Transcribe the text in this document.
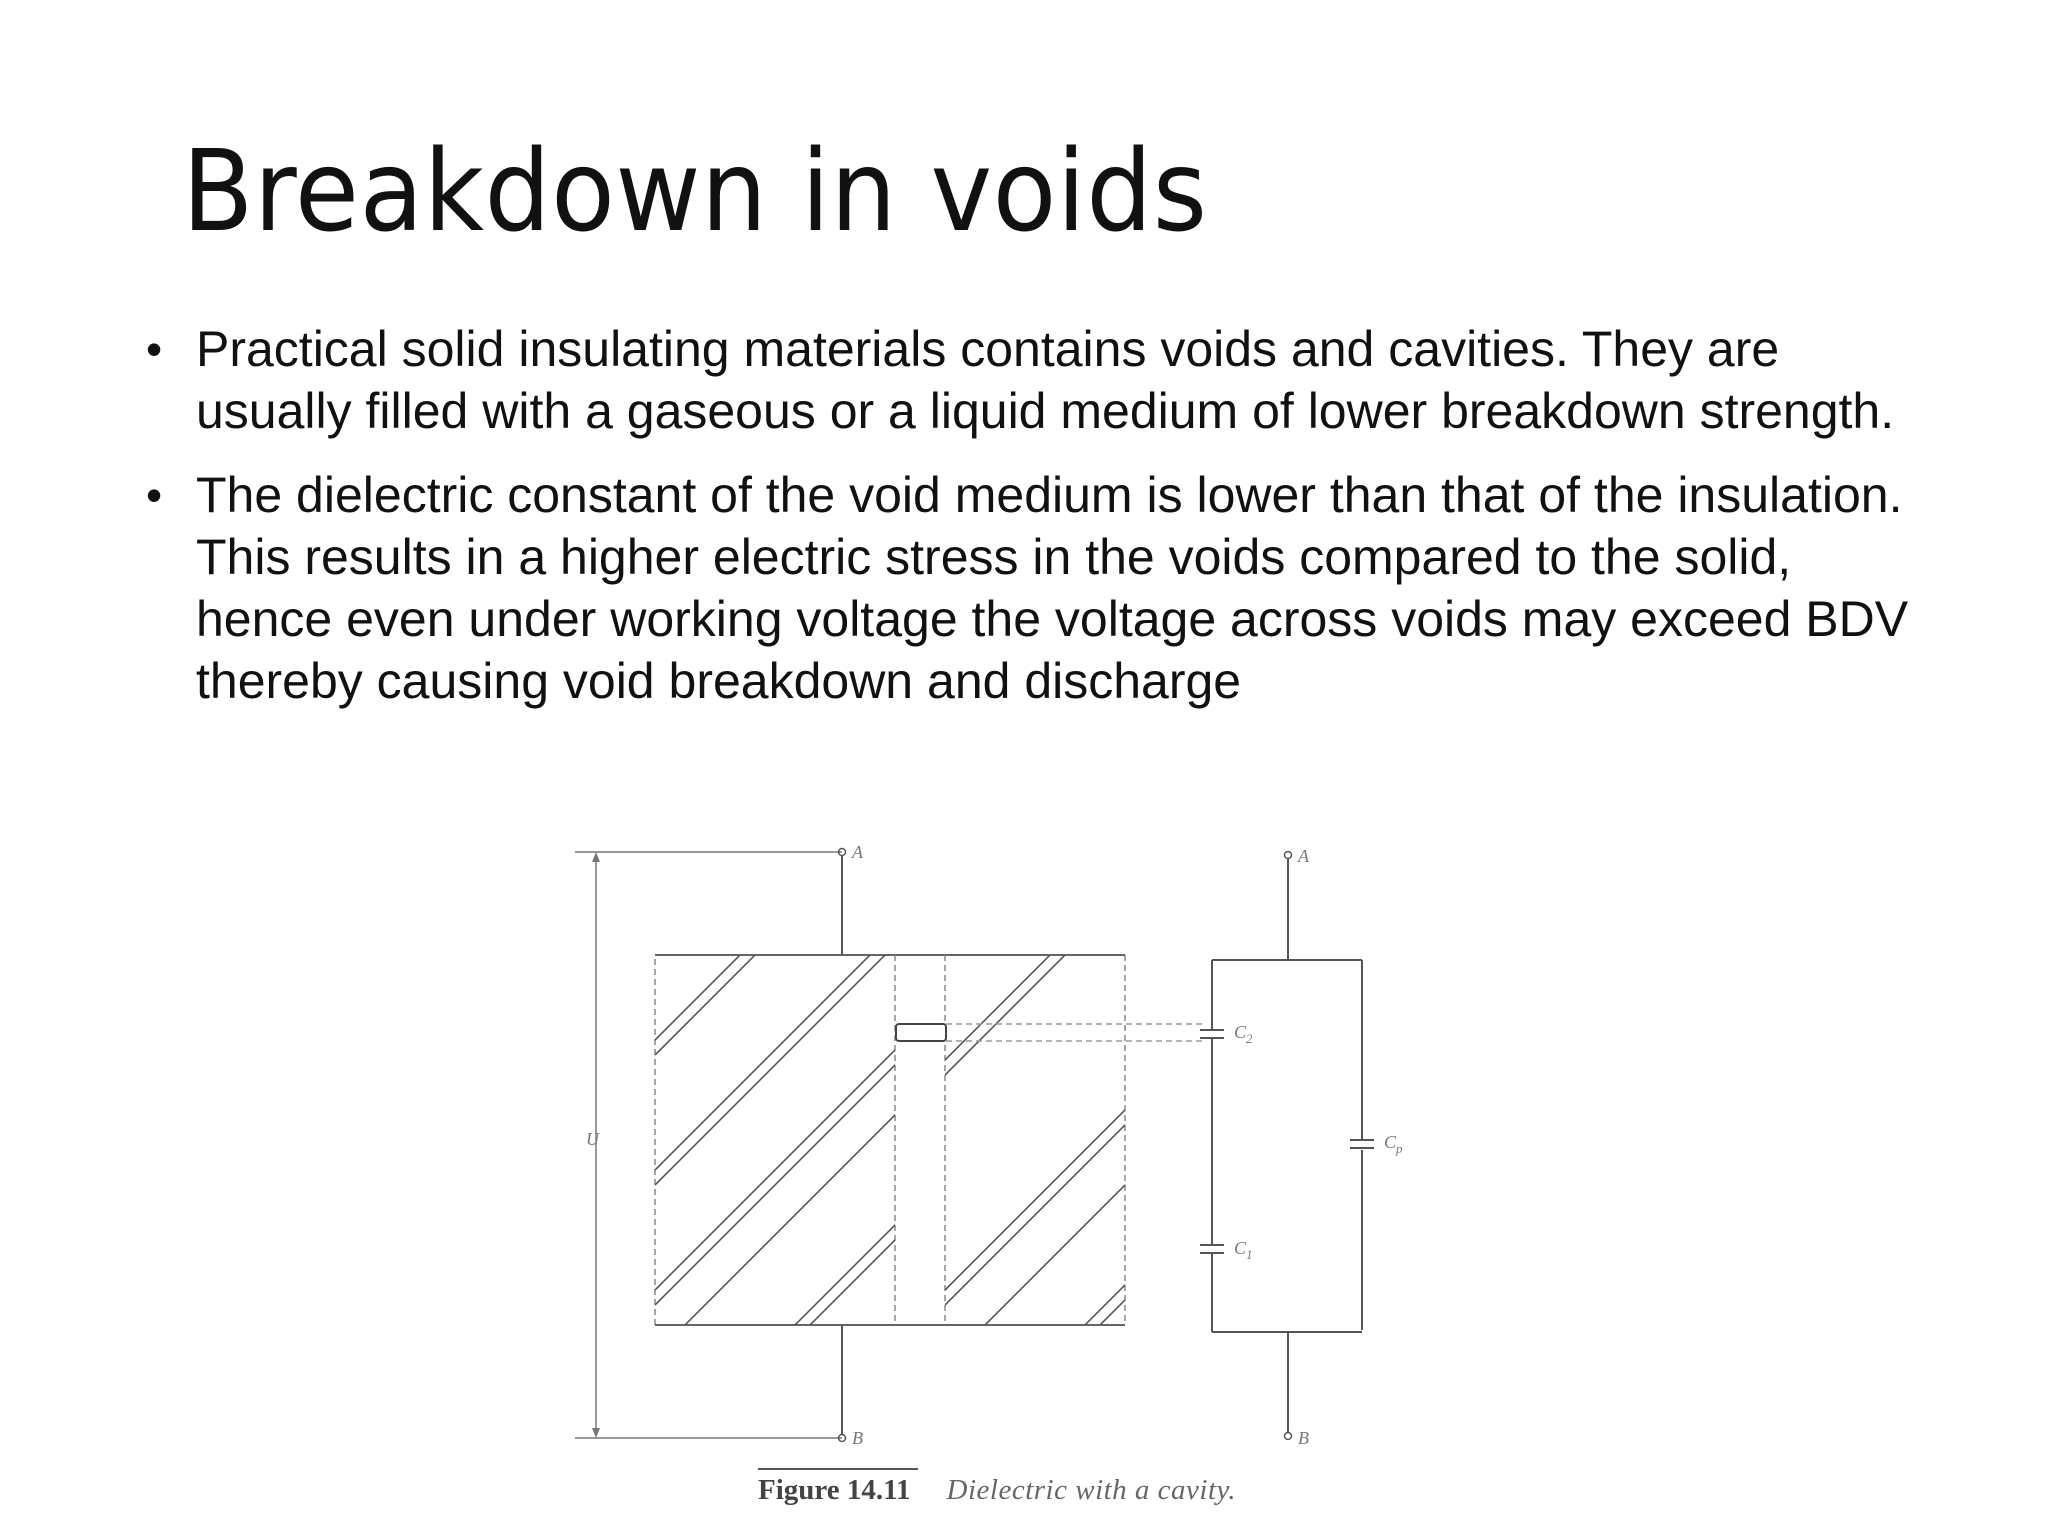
Breakdown in voids
• Practical solid insulating materials contains voids and cavities. They are usually filled with a gaseous or a liquid medium of lower breakdown strength.
• The dielectric constant of the void medium is lower than that of the insulation. This results in a higher electric stress in the voids compared to the solid, hence even under working voltage the voltage across voids may exceed BDV thereby causing void breakdown and discharge
A
B
U
A
B
$C_2$
$C_1$
$C_p$
Figure 14.11 Dielectric with a cavity.
